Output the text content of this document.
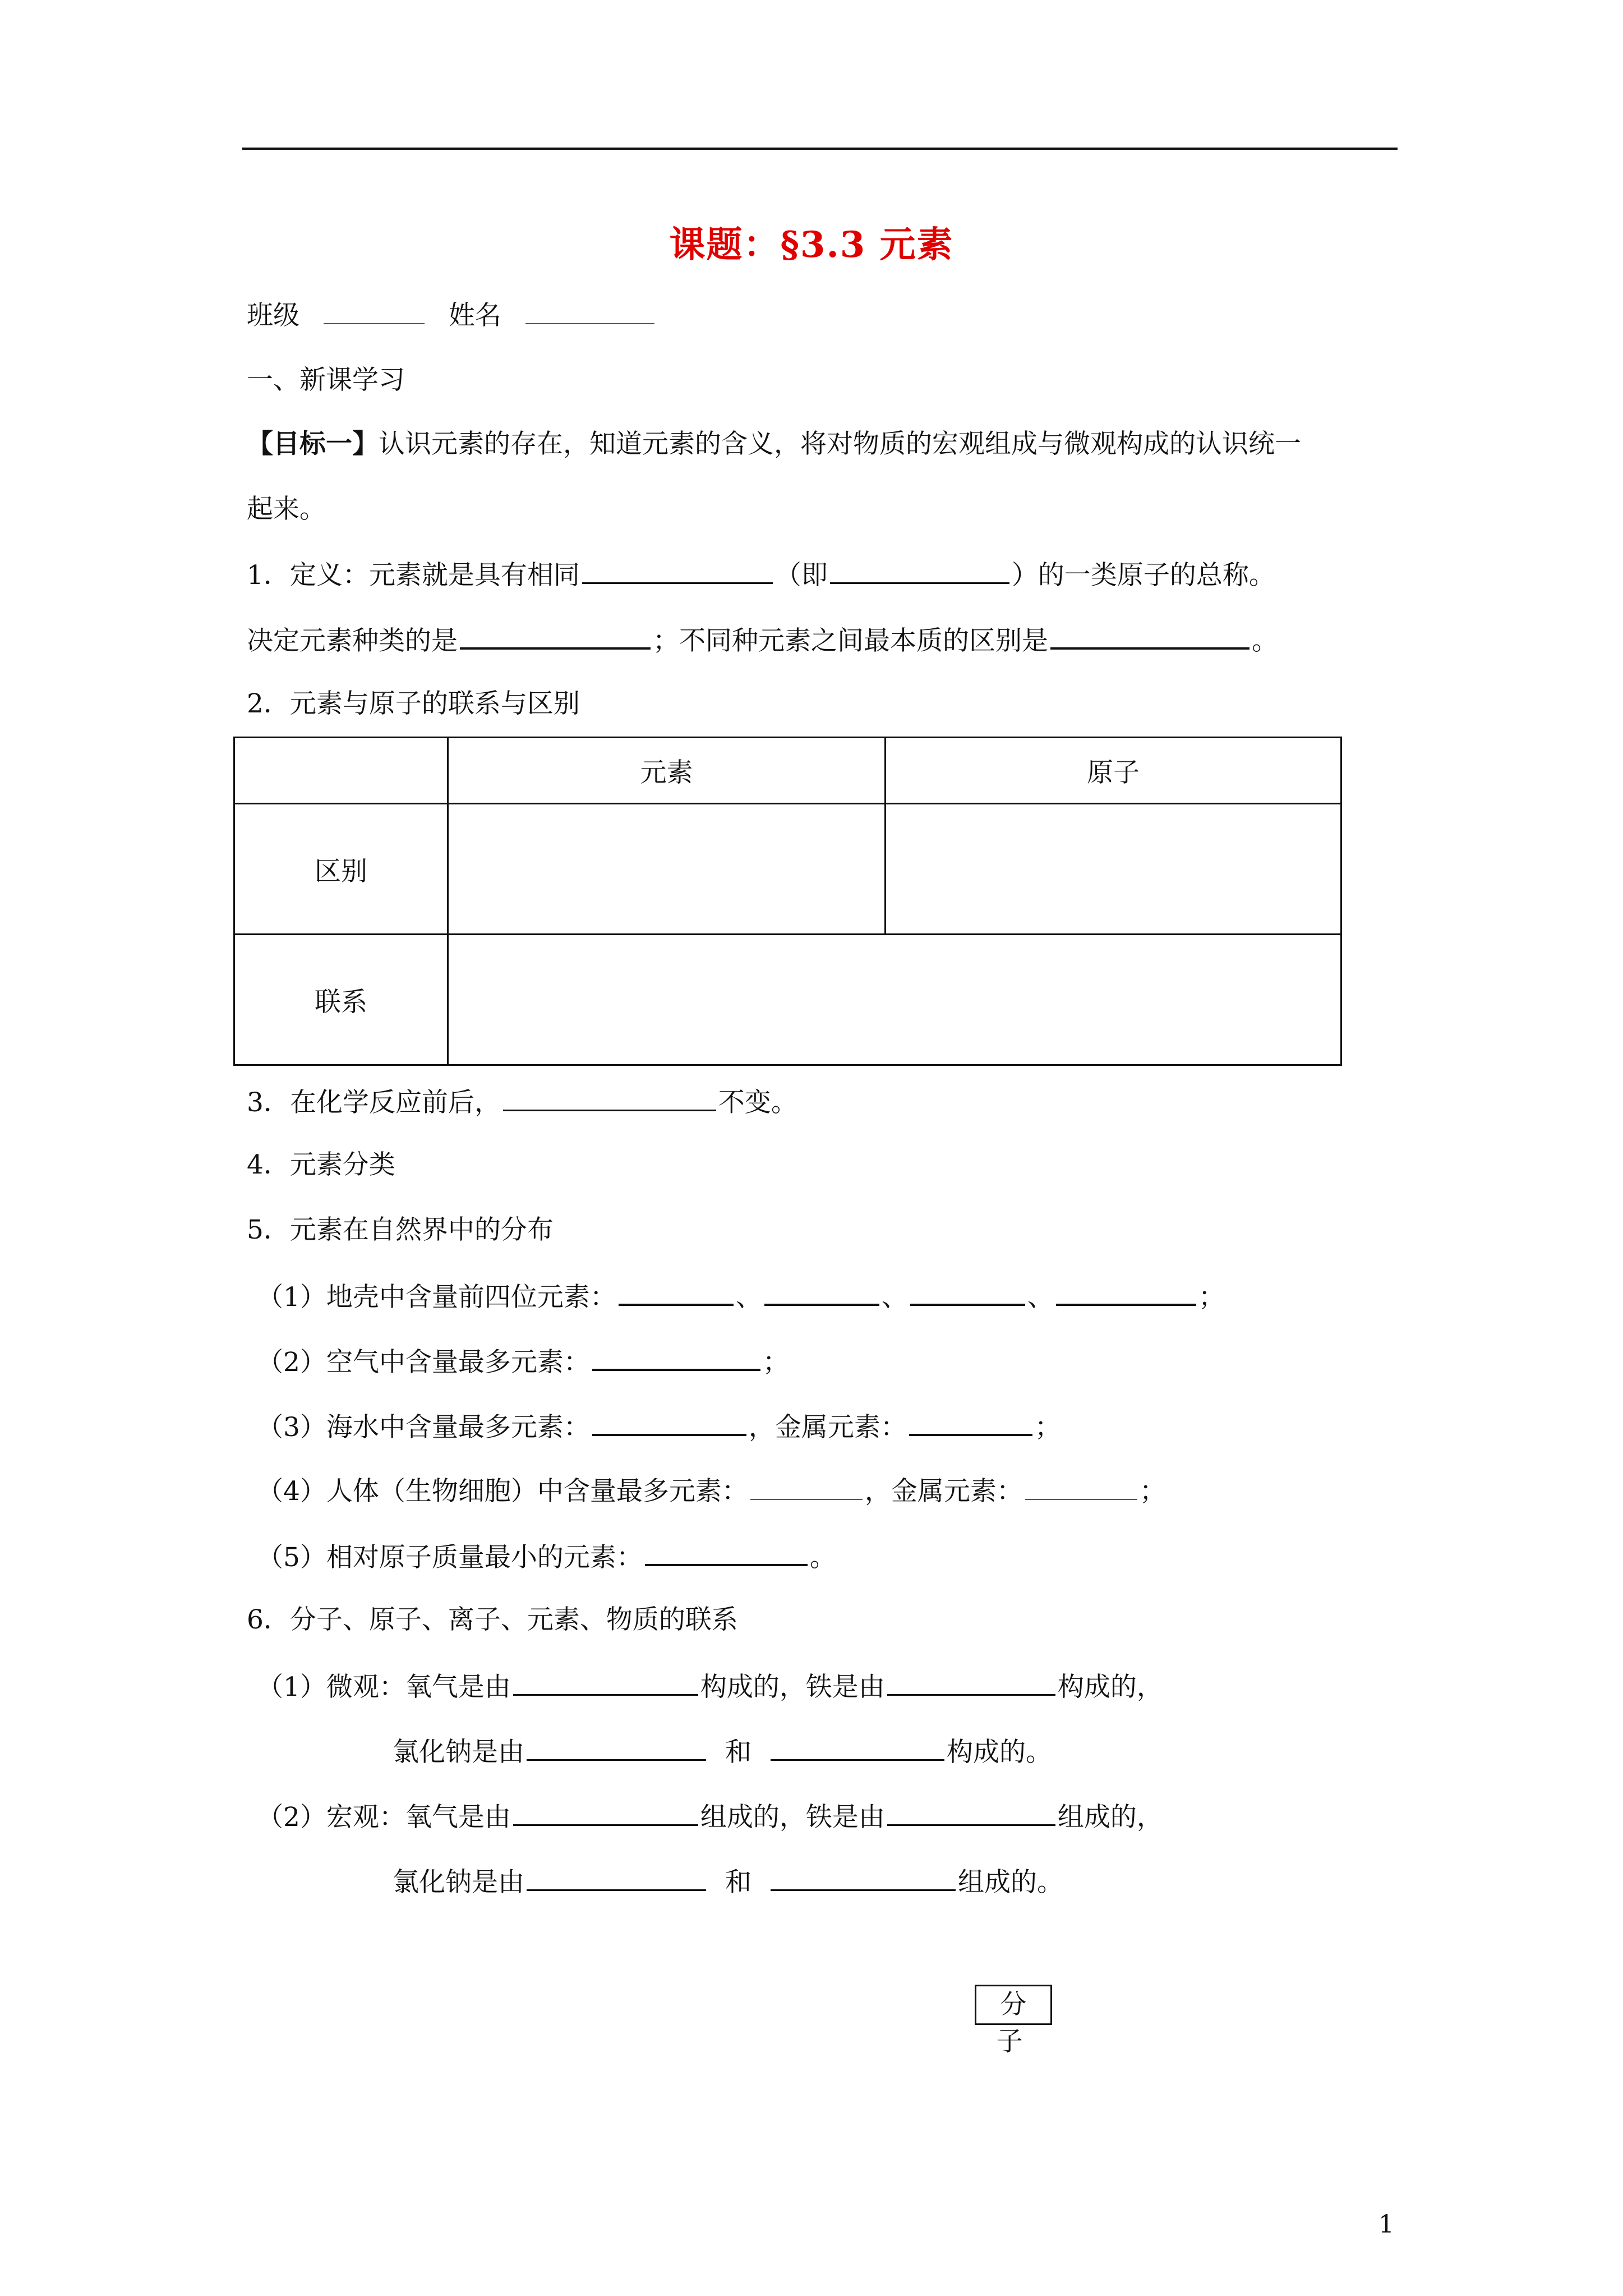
课题：§3.3 元素
班级	姓名
一、新课学习
【目标一】认识元素的存在，知道元素的含义，将对物质的宏观组成与微观构成的认识统一
起来。
1．定义：元素就是具有相同	（即	）的一类原子的总称。
决定元素种类的是	；不同种元素之间最本质的区别是	。
2．元素与原子的联系与区别
	元素	原子
区别		
联系		
3．在化学反应前后，	不变。
4．元素分类
5．元素在自然界中的分布
（1）地壳中含量前四位元素：	、	、	、	；
（2）空气中含量最多元素：	；
（3）海水中含量最多元素：	，金属元素：	；
（4）人体（生物细胞）中含量最多元素：	，金属元素：	；
（5）相对原子质量最小的元素：	。
6．分子、原子、离子、元素、物质的联系
（1）微观：氧气是由	构成的，铁是由	构成的，
氯化钠是由	和	构成的。
（2）宏观：氧气是由	组成的，铁是由	组成的，
氯化钠是由	和	组成的。
分 子
1
